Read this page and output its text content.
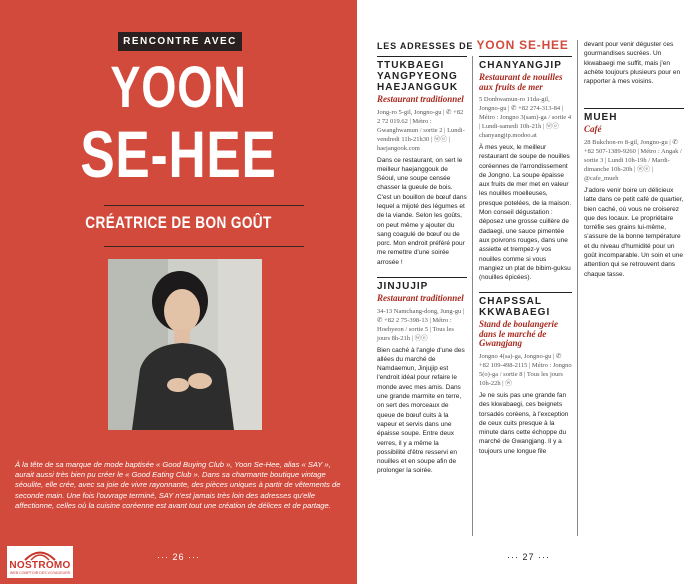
RENCONTRE AVEC
YOON
SE-HEE
CRÉATRICE DE BON GOÛT
À la tête de sa marque de mode baptisée « Good Buying Club », Yoon Se-Hee, alias « SAY », aurait aussi très bien pu créer le « Good Eating Club ». Dans sa charmante boutique vintage séoulite, elle crée, avec sa joie de vivre rayonnante, des pièces uniques à partir de vêtements de seconde main. Une fois l'ouvrage terminé, SAY n'est jamais très loin des adresses qu'elle affectionne, celles où la cuisine coréenne est avant tout une création de délices et de partage.
··· 26 ···
NOSTROMO
WEB COMPTOIR DES VOYAGEURS
LES ADRESSES DE YOON SE-HEE
TTUKBAEGI YANGPYEONG HAEJANGGUK
Restaurant traditionnel
Jong-ro 5-gil, Jongno-gu | ✆ +82 2 72 019.62 | Métro : Gwanghwamun / sortie 2 | Lundi-vendredi 11h-21h30 | ⓦⓔ | haejangook.com
Dans ce restaurant, on sert le meilleur haejanggouk de Séoul, une soupe censée chasser la gueule de bois. C'est un bouillon de bœuf dans lequel a mijoté des légumes et de la viande. Selon les goûts, on peut même y ajouter du sang coagulé de bœuf ou de porc. Mon endroit préféré pour me remettre d'une soirée arrosée !
JINJUJIP
Restaurant traditionnel
34-13 Namchang-dong, Jung-gu | ✆ +82 2 75-398-13 | Métro : Hoehyeon / sortie 5 | Tous les jours 8h-21h | ⓦⓔ
Bien caché à l'angle d'une des allées du marché de Namdaemun, Jinjujip est l'endroit idéal pour refaire le monde avec mes amis. Dans une grande marmite en terre, on sert des morceaux de queue de bœuf cuits à la vapeur et servis dans une épaisse soupe. Entre deux verres, il y a même la possibilité d'être resservi en nouilles et en soupe afin de prolonger la soirée.
CHANYANGJIP
Restaurant de nouilles aux fruits de mer
5 Donhwamun-ro 11da-gil, Jongno-gu | ✆ +82 274-313-84 | Métro : Jongno 3(sam)-ga / sortie 4 | Lundi-samedi 10h-21h | ⓦⓔ chanyangjip.modoo.at
À mes yeux, le meilleur restaurant de soupe de nouilles coréennes de l'arrondissement de Jongno. La soupe épaisse aux fruits de mer met en valeur les nouilles moelleuses, presque potelées, de la maison. Mon conseil dégustation : déposez une grosse cuillère de dadaegi, une sauce pimentée aux poivrons rouges, dans une assiette et trempez-y vos nouilles comme si vous mangiez un plat de bibim-guksu (nouilles épicées).
CHAPSSAL KKWABAEGI
Stand de boulangerie dans le marché de Gwangjang
Jongno 4(sa)-ga, Jongno-gu | ✆ +82 109-498-2115 | Métro : Jongno 5(o)-ga / sortie 8 | Tous les jours 10h-22h | ⓦ
Je ne suis pas une grande fan des kkwabaegi, ces beignets torsadés coréens, à l'exception de ceux cuits presque à la minute dans cette échoppe du marché de Gwangjang. Il y a toujours une longue file
devant pour venir déguster ces gourmandises sucrées. Un kkwabaegi me suffit, mais j'en achète toujours plusieurs pour en rapporter à mes voisins.
MUEH
Café
28 Bukchon-ro 8-gil, Jongno-gu | ✆ +82 507-1389-9260 | Métro : Angak / sortie 3 | Lundi 10h-19h / Mardi-dimanche 10h-20h | ⓦⓔ | @cafe_mueh
J'adore venir boire un délicieux latte dans ce petit café de quartier, bien caché, où vous ne croiserez que des locaux. Le propriétaire torréfie ses grains lui-même, s'assure de la bonne température et du niveau d'humidité pour un goût incomparable. Un soin et une attention qui se retrouvent dans chaque tasse.
··· 27 ···
